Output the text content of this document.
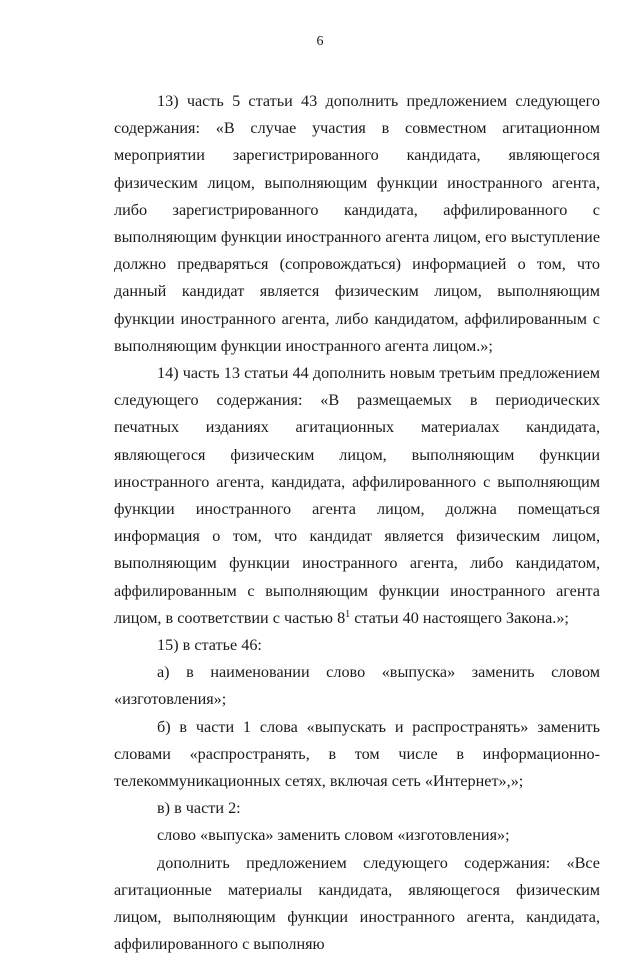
6

13) часть 5 статьи 43 дополнить предложением следующего содержания: «В случае участия в совместном агитационном мероприятии зарегистрированного кандидата, являющегося физическим лицом, выполняющим функции иностранного агента, либо зарегистрированного кандидата, аффилированного с выполняющим функции иностранного агента лицом, его выступление должно предваряться (сопровождаться) информацией о том, что данный кандидат является физическим лицом, выполняющим функции иностранного агента, либо кандидатом, аффилированным с выполняющим функции иностранного агента лицом.»;

14) часть 13 статьи 44 дополнить новым третьим предложением следующего содержания: «В размещаемых в периодических печатных изданиях агитационных материалах кандидата, являющегося физическим лицом, выполняющим функции иностранного агента, кандидата, аффилированного с выполняющим функции иностранного агента лицом, должна помещаться информация о том, что кандидат является физическим лицом, выполняющим функции иностранного агента, либо кандидатом, аффилированным с выполняющим функции иностранного агента лицом, в соответствии с частью $8^1$ статьи 40 настоящего Закона.»;

15) в статье 46:

а) в наименовании слово «выпуска» заменить словом «изготовления»;

б) в части 1 слова «выпускать и распространять» заменить словами «распространять, в том числе в информационно-телекоммуникационных сетях, включая сеть «Интернет»,»;

в) в части 2:

слово «выпуска» заменить словом «изготовления»;

дополнить предложением следующего содержания: «Все агитационные материалы кандидата, являющегося физическим лицом, выполняющим функции иностранного агента, кандидата, аффилированного с выполняю
